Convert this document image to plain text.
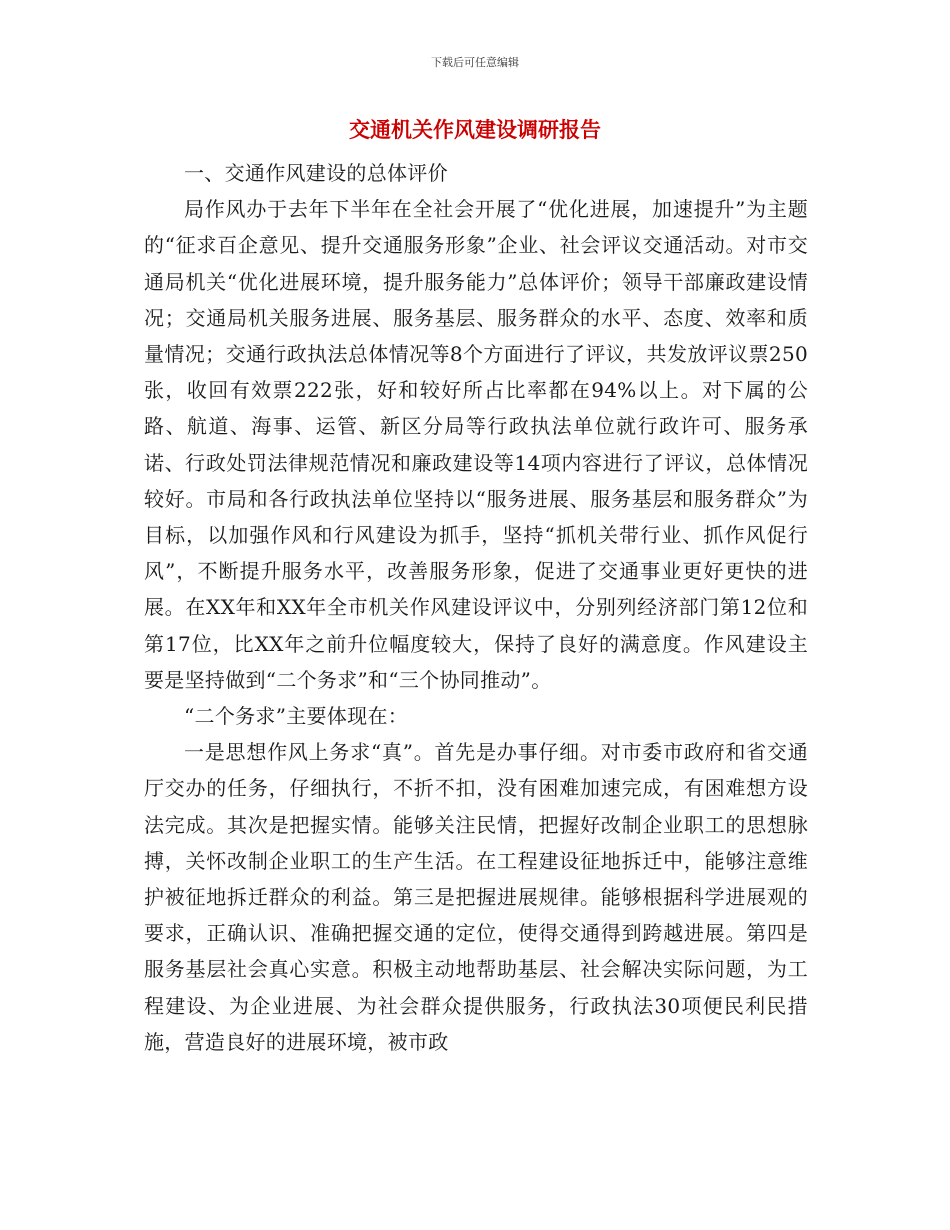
下载后可任意编辑
交通机关作风建设调研报告

一、交通作风建设的总体评价

局作风办于去年下半年在全社会开展了“优化进展，加速提升”为主题的“征求百企意见、提升交通服务形象”企业、社会评议交通活动。对市交通局机关“优化进展环境，提升服务能力”总体评价；领导干部廉政建设情况；交通局机关服务进展、服务基层、服务群众的水平、态度、效率和质量情况；交通行政执法总体情况等8个方面进行了评议，共发放评议票250张，收回有效票222张，好和较好所占比率都在94%以上。对下属的公路、航道、海事、运管、新区分局等行政执法单位就行政许可、服务承诺、行政处罚法律规范情况和廉政建设等14项内容进行了评议，总体情况较好。市局和各行政执法单位坚持以“服务进展、服务基层和服务群众”为目标，以加强作风和行风建设为抓手，坚持“抓机关带行业、抓作风促行风”，不断提升服务水平，改善服务形象，促进了交通事业更好更快的进展。在XX年和XX年全市机关作风建设评议中，分别列经济部门第12位和第17位，比XX年之前升位幅度较大，保持了良好的满意度。作风建设主要是坚持做到“二个务求”和“三个协同推动”。

“二个务求”主要体现在：

一是思想作风上务求“真”。首先是办事仔细。对市委市政府和省交通厅交办的任务，仔细执行，不折不扣，没有困难加速完成，有困难想方设法完成。其次是把握实情。能够关注民情，把握好改制企业职工的思想脉搏，关怀改制企业职工的生产生活。在工程建设征地拆迁中，能够注意维护被征地拆迁群众的利益。第三是把握进展规律。能够根据科学进展观的要求，正确认识、准确把握交通的定位，使得交通得到跨越进展。第四是服务基层社会真心实意。积极主动地帮助基层、社会解决实际问题，为工程建设、为企业进展、为社会群众提供服务，行政执法30项便民利民措施，营造良好的进展环境，被市政
